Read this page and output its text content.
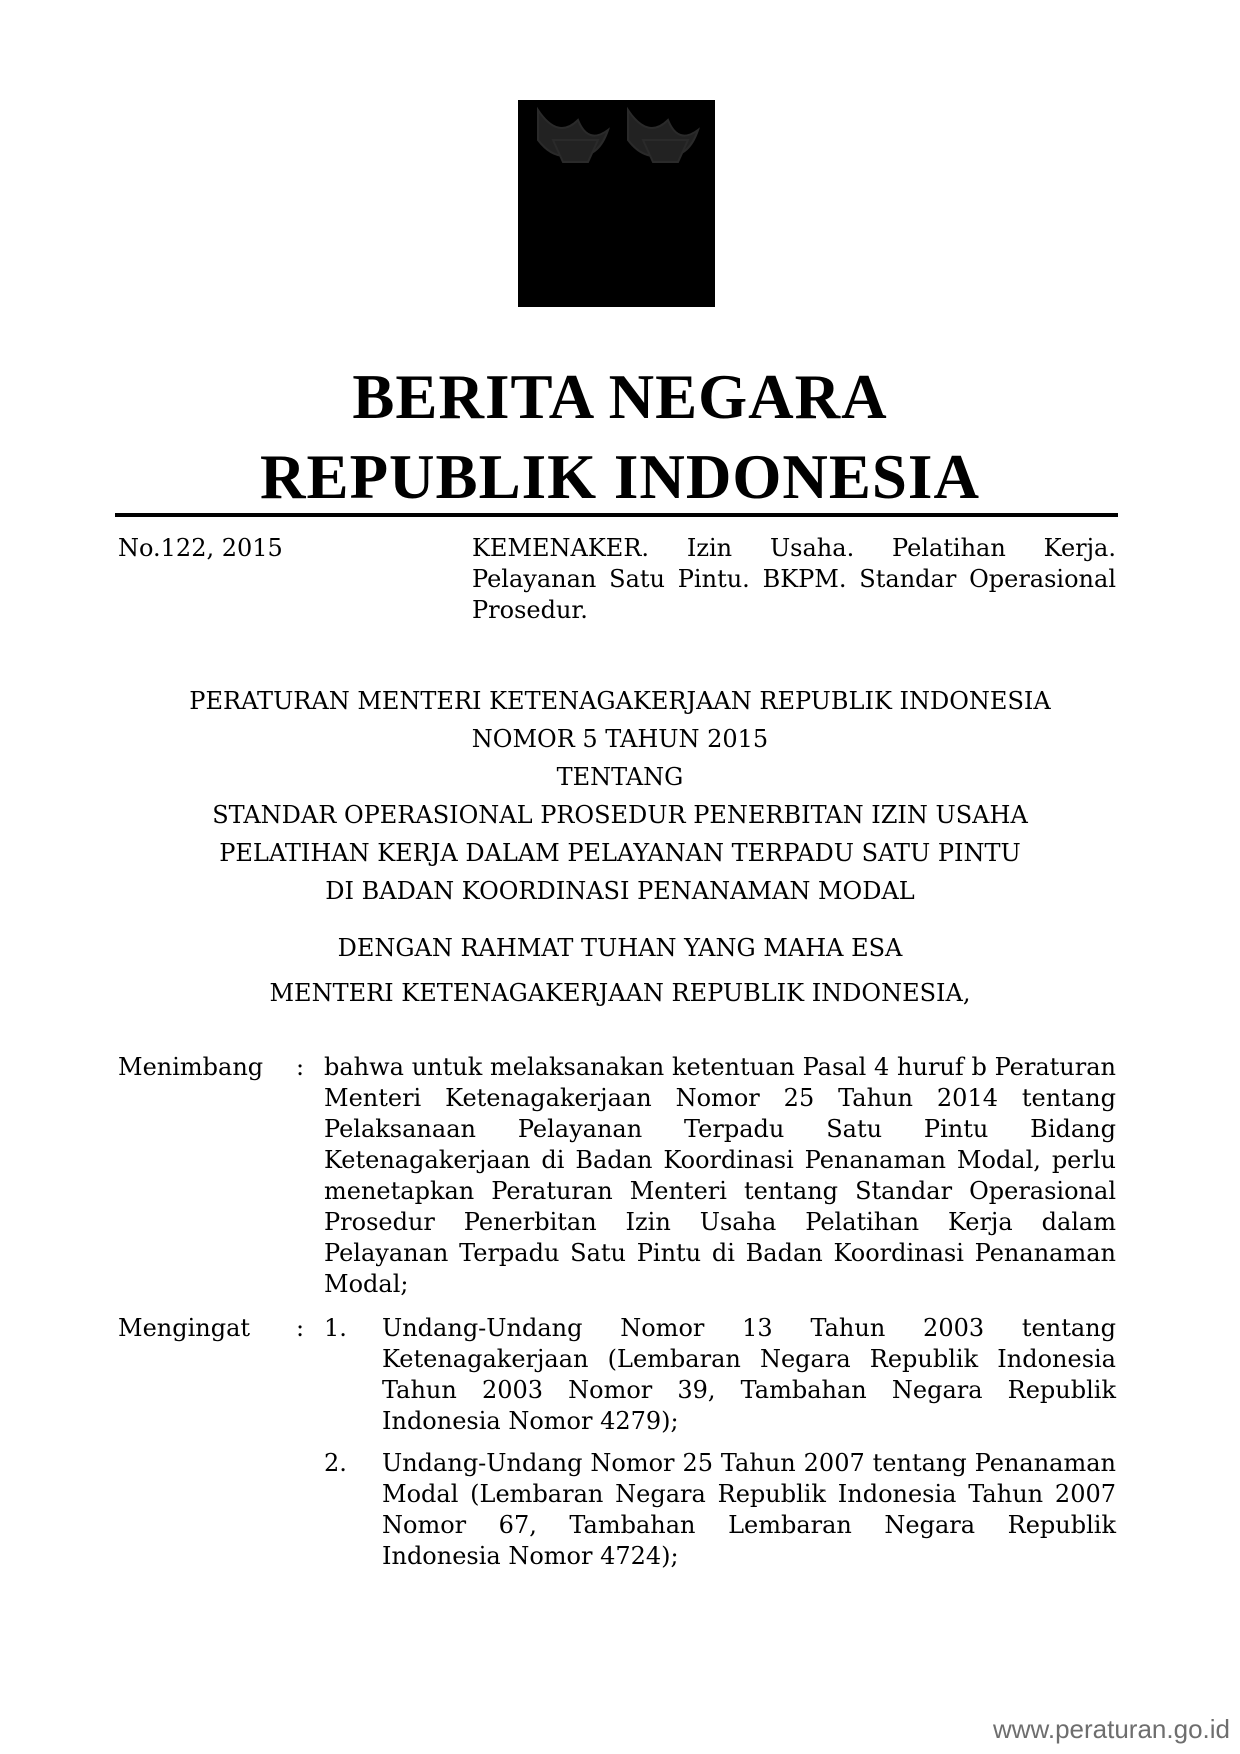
BERITA NEGARA
REPUBLIK INDONESIA
No.122, 2015	KEMENAKER. Izin Usaha. Pelatihan Kerja. Pelayanan Satu Pintu. BKPM. Standar Operasional Prosedur.
PERATURAN MENTERI KETENAGAKERJAAN REPUBLIK INDONESIA
NOMOR 5 TAHUN 2015
TENTANG
STANDAR OPERASIONAL PROSEDUR PENERBITAN IZIN USAHA
PELATIHAN KERJA DALAM PELAYANAN TERPADU SATU PINTU
DI BADAN KOORDINASI PENANAMAN MODAL
DENGAN RAHMAT TUHAN YANG MAHA ESA
MENTERI KETENAGAKERJAAN REPUBLIK INDONESIA,
Menimbang : bahwa untuk melaksanakan ketentuan Pasal 4 huruf b Peraturan Menteri Ketenagakerjaan Nomor 25 Tahun 2014 tentang Pelaksanaan Pelayanan Terpadu Satu Pintu Bidang Ketenagakerjaan di Badan Koordinasi Penanaman Modal, perlu menetapkan Peraturan Menteri tentang Standar Operasional Prosedur Penerbitan Izin Usaha Pelatihan Kerja dalam Pelayanan Terpadu Satu Pintu di Badan Koordinasi Penanaman Modal;
Mengingat : 1. Undang-Undang Nomor 13 Tahun 2003 tentang Ketenagakerjaan (Lembaran Negara Republik Indonesia Tahun 2003 Nomor 39, Tambahan Negara Republik Indonesia Nomor 4279);
2. Undang-Undang Nomor 25 Tahun 2007 tentang Penanaman Modal (Lembaran Negara Republik Indonesia Tahun 2007 Nomor 67, Tambahan Lembaran Negara Republik Indonesia Nomor 4724);
www.peraturan.go.id
